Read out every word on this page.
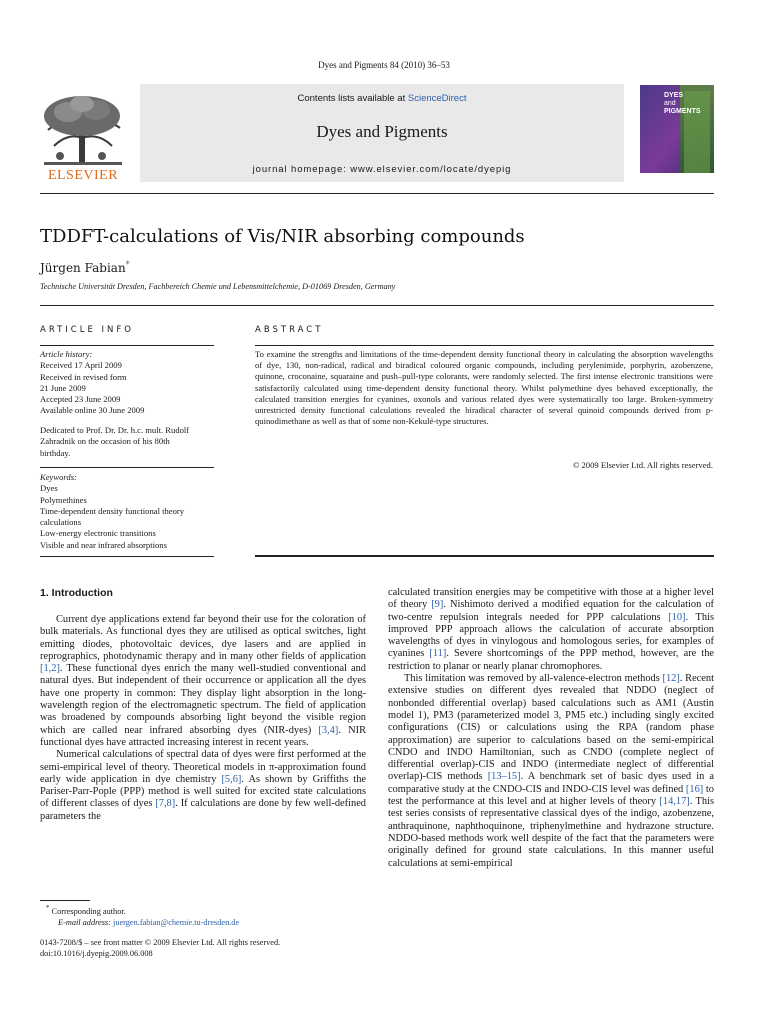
Dyes and Pigments 84 (2010) 36–53
ELSEVIER
Contents lists available at ScienceDirect
Dyes and Pigments
journal homepage: www.elsevier.com/locate/dyepig
DYES
and
PIGMENTS
TDDFT-calculations of Vis/NIR absorbing compounds
Jürgen Fabian*
Technische Universität Dresden, Fachbereich Chemie und Lebensmittelchemie, D-01069 Dresden, Germany
ARTICLE INFO
Article history:
Received 17 April 2009
Received in revised form
21 June 2009
Accepted 23 June 2009
Available online 30 June 2009
Dedicated to Prof. Dr. Dr. h.c. mult. Rudolf
Zahradnik on the occasion of his 80th
birthday.
Keywords:
Dyes
Polymethines
Time-dependent density functional theory
calculations
Low-energy electronic transitions
Visible and near infrared absorptions
ABSTRACT
To examine the strengths and limitations of the time-dependent density functional theory in calculating the absorption wavelengths of dye, 130, non-radical, radical and biradical coloured organic compounds, including perylenimide, porphyrin, azobenzene, quinone, croconaine, squaraine and push–pull-type colorants, were randomly selected. The first intense electronic transitions were satisfactorily calculated using time-dependent density functional theory. Whilst polymethine dyes behaved exceptionally, the calculated transition energies for cyanines, oxonols and various related dyes were systematically too large. Broken-symmetry unrestricted density functional calculations revealed the biradical character of several quinoid compounds derived from p-quinodimethane as well as that of some non-Kekulé-type structures.
© 2009 Elsevier Ltd. All rights reserved.
1. Introduction

Current dye applications extend far beyond their use for the coloration of bulk materials. As functional dyes they are utilised as optical switches, light emitting diodes, photovoltaic devices, dye lasers and are applied in reprographics, photodynamic therapy and in many other fields of application [1,2]. These functional dyes enrich the many well-studied conventional and natural dyes. But independent of their occurrence or application all the dyes have one property in common: They display light absorption in the long-wavelength region of the electromagnetic spectrum. The field of application was broadened by compounds absorbing light beyond the visible region which are called near infrared absorbing dyes (NIR-dyes) [3,4]. NIR functional dyes have attracted increasing interest in recent years.

Numerical calculations of spectral data of dyes were first performed at the semi-empirical level of theory. Theoretical models in π-approximation found early wide application in dye chemistry [5,6]. As shown by Griffiths the Pariser-Parr-Pople (PPP) method is well suited for excited state calculations of different classes of dyes [7,8]. If calculations are done by few well-defined parameters the

calculated transition energies may be competitive with those at a higher level of theory [9]. Nishimoto derived a modified equation for the calculation of two-centre repulsion integrals needed for PPP calculations [10]. This improved PPP approach allows the calculation of accurate absorption wavelengths of dyes in vinylogous and homologous series, for examples of cyanines [11]. Severe shortcomings of the PPP method, however, are the restriction to planar or nearly planar chromophores.

This limitation was removed by all-valence-electron methods [12]. Recent extensive studies on different dyes revealed that NDDO (neglect of nonbonded differential overlap) based calculations such as AM1 (Austin model 1), PM3 (parameterized model 3, PM5 etc.) including singly excited configurations (CIS) or calculations using the RPA (random phase approximation) are superior to calculations based on the semi-empirical CNDO and INDO Hamiltonian, such as CNDO (complete neglect of differential overlap)-CIS and INDO (intermediate neglect of differential overlap)-CIS methods [13–15]. A benchmark set of basic dyes used in a comparative study at the CNDO-CIS and INDO-CIS level was defined [16] to test the performance at this level and at higher levels of theory [14,17]. This test series consists of representative classical dyes of the indigo, azobenzene, anthraquinone, naphthoquinone, triphenylmethine and hydrazone structure. NDDO-based methods work well despite of the fact that the parameters were originally defined for ground state calculations. In this manner useful calculations at semi-empirical

* Corresponding author.
E-mail address: juergen.fabian@chemie.tu-dresden.de
0143-7208/$ – see front matter © 2009 Elsevier Ltd. All rights reserved.
doi:10.1016/j.dyepig.2009.06.008
